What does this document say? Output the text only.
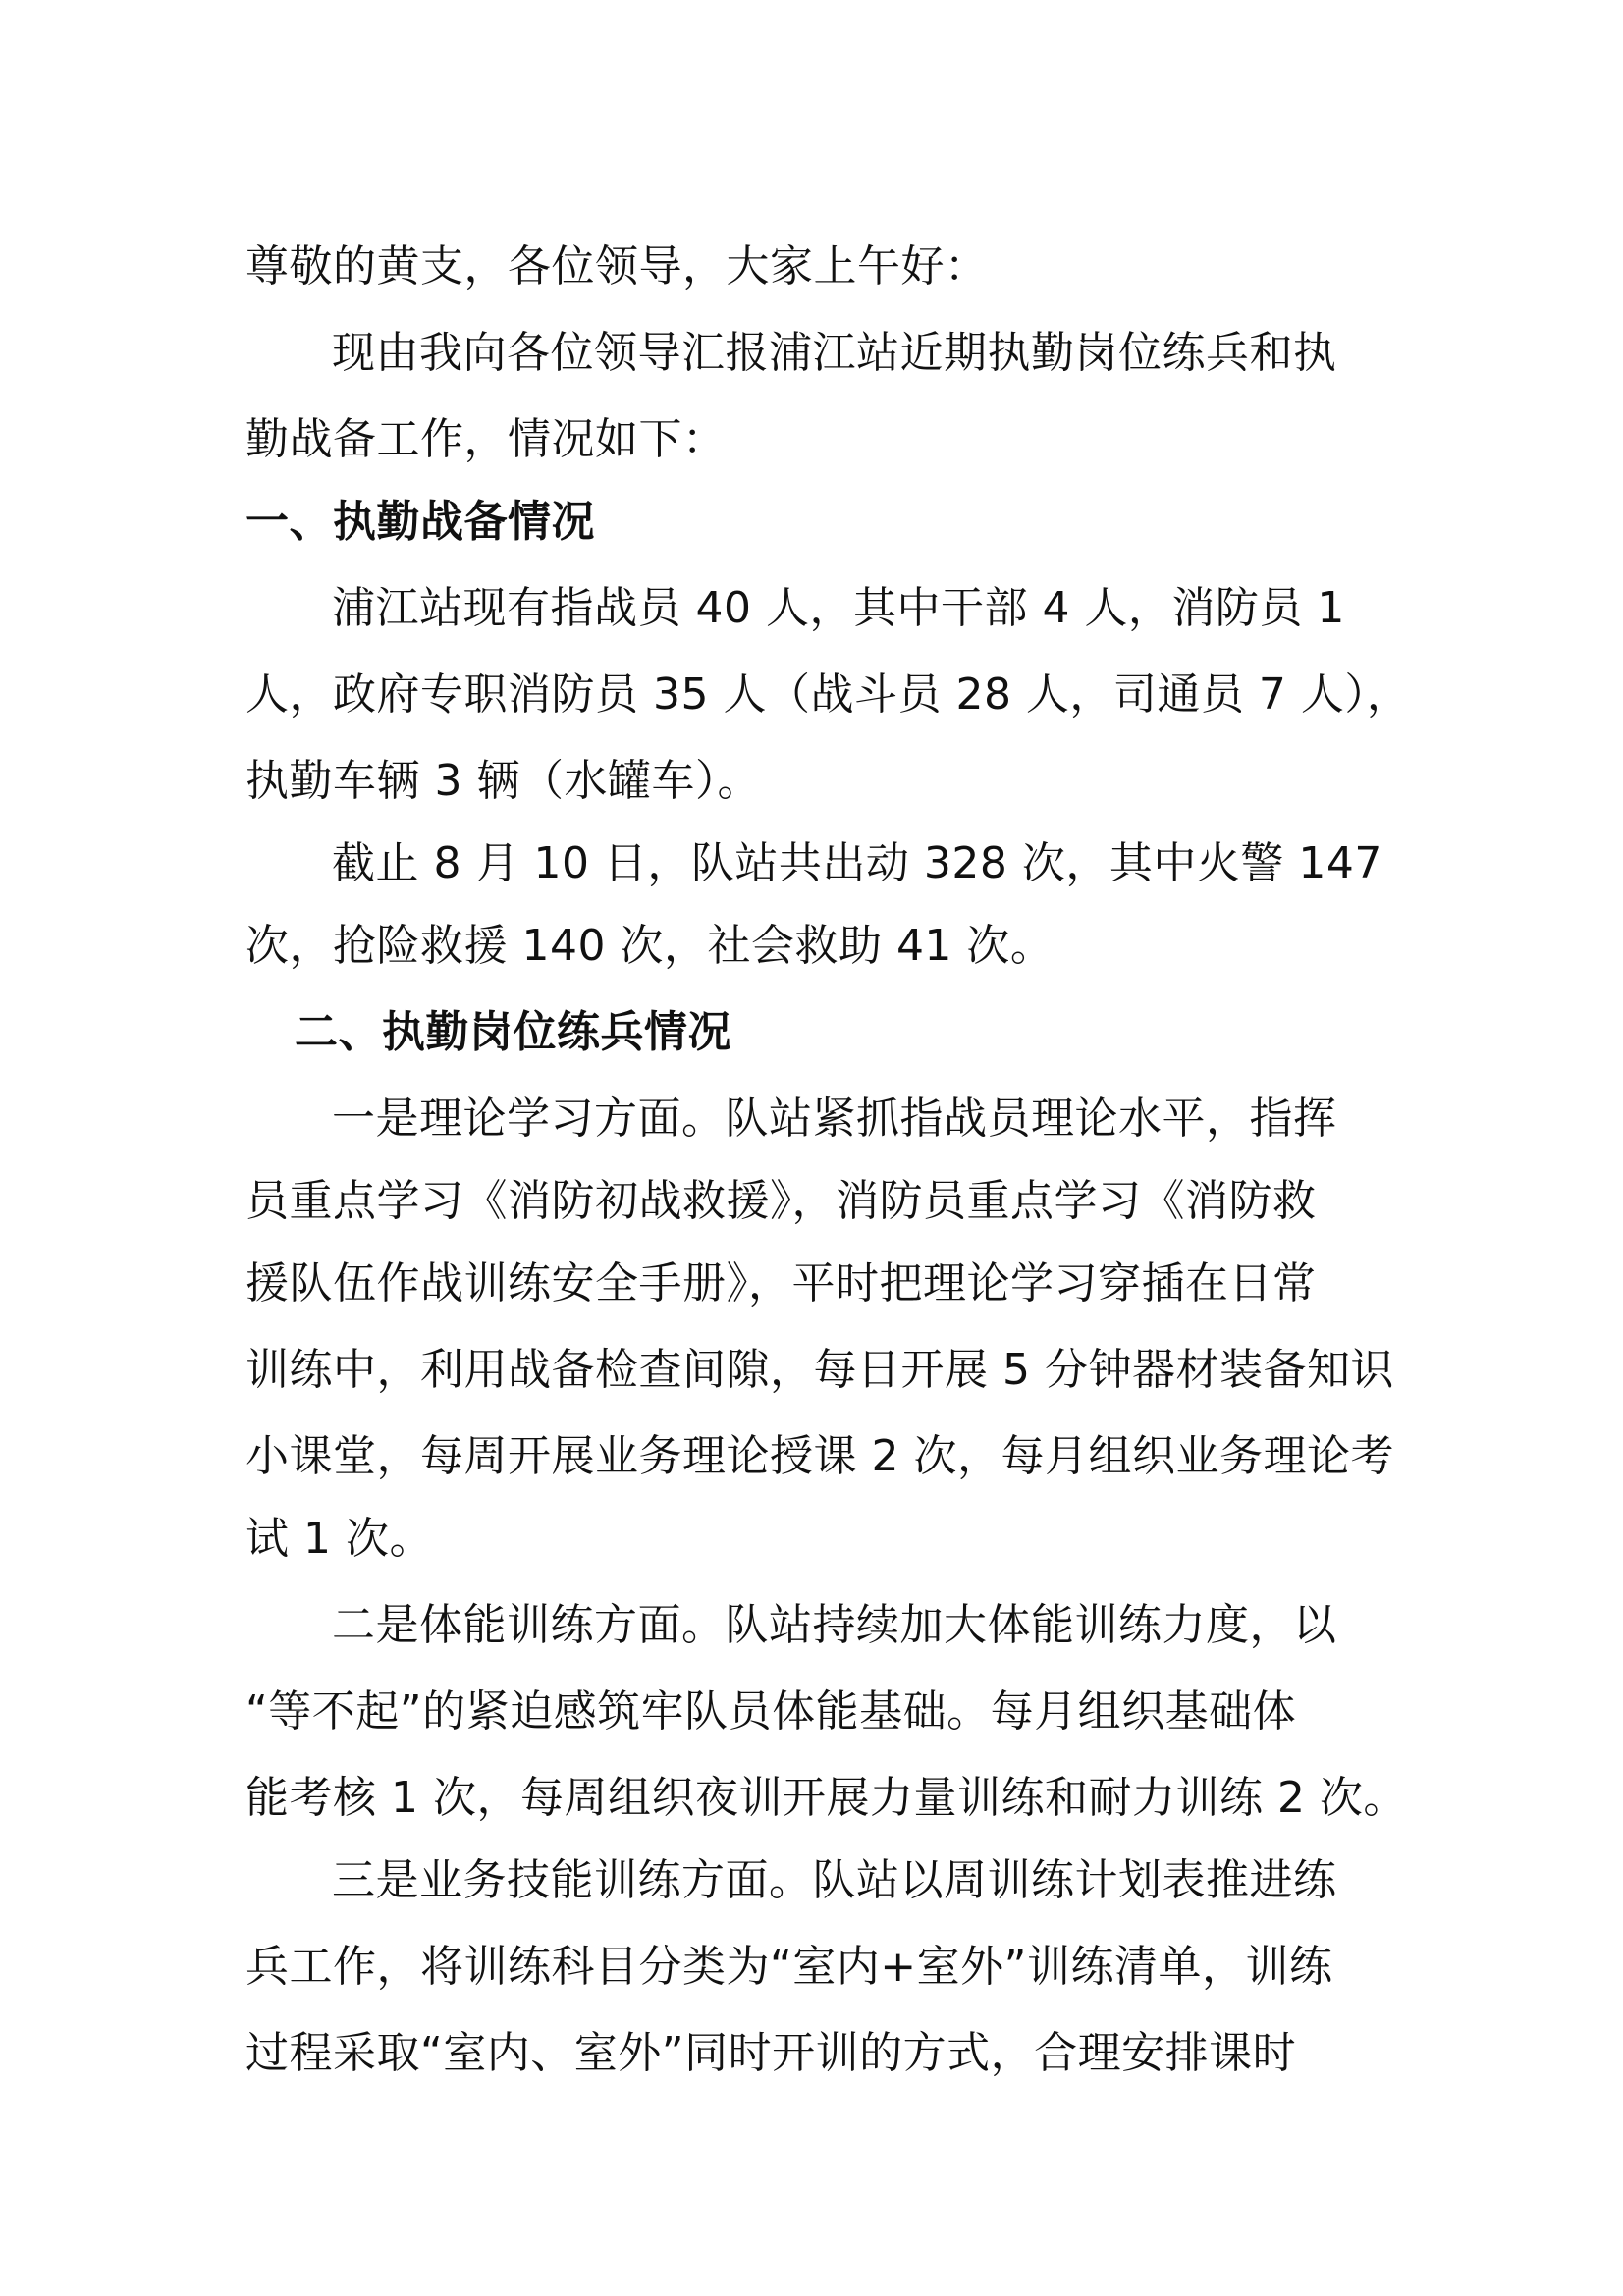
尊敬的黄支，各位领导，大家上午好：
现由我向各位领导汇报浦江站近期执勤岗位练兵和执
勤战备工作，情况如下：
一、执勤战备情况
浦江站现有指战员 40 人，其中干部 4 人，消防员 1
人，政府专职消防员 35 人（战斗员 28 人，司通员 7 人），
执勤车辆 3 辆（水罐车）。
截止 8 月 10 日，队站共出动 328 次，其中火警 147
次，抢险救援 140 次，社会救助 41 次。
二、执勤岗位练兵情况
一是理论学习方面。队站紧抓指战员理论水平，指挥
员重点学习《消防初战救援》，消防员重点学习《消防救
援队伍作战训练安全手册》，平时把理论学习穿插在日常
训练中，利用战备检查间隙，每日开展 5 分钟器材装备知识
小课堂，每周开展业务理论授课 2 次，每月组织业务理论考
试 1 次。
二是体能训练方面。队站持续加大体能训练力度，以
“等不起”的紧迫感筑牢队员体能基础。每月组织基础体
能考核 1 次，每周组织夜训开展力量训练和耐力训练 2 次。
三是业务技能训练方面。队站以周训练计划表推进练
兵工作，将训练科目分类为“室内+室外”训练清单，训练
过程采取“室内、室外”同时开训的方式，合理安排课时
